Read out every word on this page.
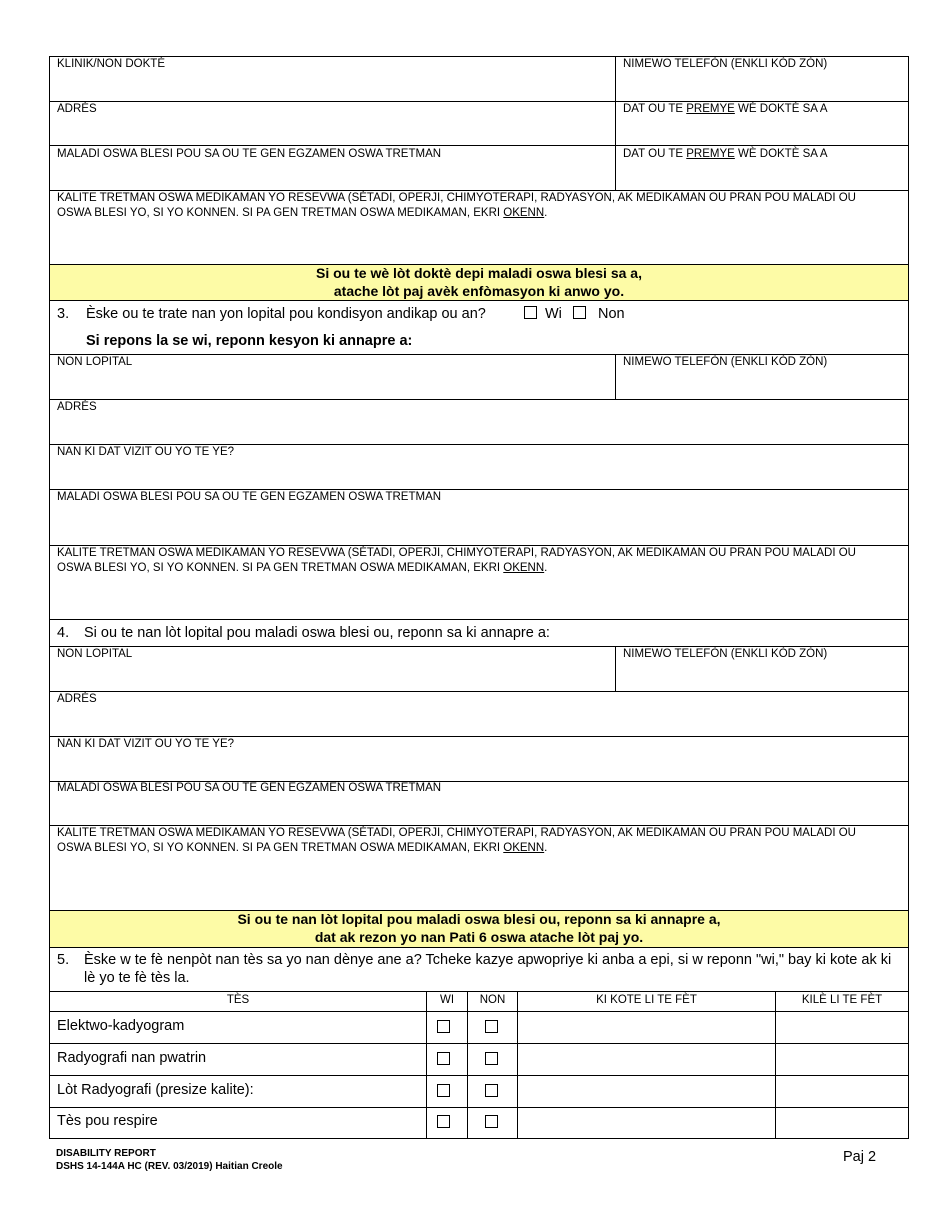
KLINIK/NON DOKTÈ	NIMEWO TELEFÒN (ENKLI KÒD ZÒN)
ADRÈS	DAT OU TE PREMYE WÈ DOKTÈ SA A
MALADI OSWA BLESI POU SA OU TE GEN EGZAMEN OSWA TRETMAN	DAT OU TE PREMYE WÈ DOKTÈ SA A
KALITE TRETMAN OSWA MEDIKAMAN YO RESEVWA (SÈTADI, OPERJI, CHIMYOTERAPI, RADYASYON, AK MEDIKAMAN OU PRAN POU MALADI OU OSWA BLESI YO, SI YO KONNEN. SI PA GEN TRETMAN OSWA MEDIKAMAN, EKRI OKENN.
Si ou te wè lòt doktè depi maladi oswa blesi sa a,
atache lòt paj avèk enfòmasyon ki anwo yo.
3. Èske ou te trate nan yon lopital pou kondisyon andikap ou an?	Wi Non
Si repons la se wi, reponn kesyon ki annapre a:
NON LOPITAL	NIMEWO TELEFÒN (ENKLI KÒD ZÒN)
ADRÈS
NAN KI DAT VIZIT OU YO TE YE?
MALADI OSWA BLESI POU SA OU TE GEN EGZAMEN OSWA TRETMAN
KALITE TRETMAN OSWA MEDIKAMAN YO RESEVWA (SÈTADI, OPERJI, CHIMYOTERAPI, RADYASYON, AK MEDIKAMAN OU PRAN POU MALADI OU OSWA BLESI YO, SI YO KONNEN. SI PA GEN TRETMAN OSWA MEDIKAMAN, EKRI OKENN.
4. Si ou te nan lòt lopital pou maladi oswa blesi ou, reponn sa ki annapre a:
NON LOPITAL	NIMEWO TELEFÒN (ENKLI KÒD ZÒN)
ADRÈS
NAN KI DAT VIZIT OU YO TE YE?
MALADI OSWA BLESI POU SA OU TE GEN EGZAMEN OSWA TRETMAN
KALITE TRETMAN OSWA MEDIKAMAN YO RESEVWA (SÈTADI, OPERJI, CHIMYOTERAPI, RADYASYON, AK MEDIKAMAN OU PRAN POU MALADI OU OSWA BLESI YO, SI YO KONNEN. SI PA GEN TRETMAN OSWA MEDIKAMAN, EKRI OKENN.
Si ou te nan lòt lopital pou maladi oswa blesi ou, reponn sa ki annapre a,
dat ak rezon yo nan Pati 6 oswa atache lòt paj yo.
5. Èske w te fè nenpòt nan tès sa yo nan dènye ane a? Tcheke kazye apwopriye ki anba a epi, si w reponn "wi," bay ki kote ak ki lè yo te fè tès la.
TÈS	WI	NON	KI KOTE LI TE FÈT	KILÈ LI TE FÈT
Elektwo-kadyogram
Radyografi nan pwatrin
Lòt Radyografi (presize kalite):
Tès pou respire
DISABILITY REPORT
DSHS 14-144A HC (REV. 03/2019) Haitian Creole
Paj 2
